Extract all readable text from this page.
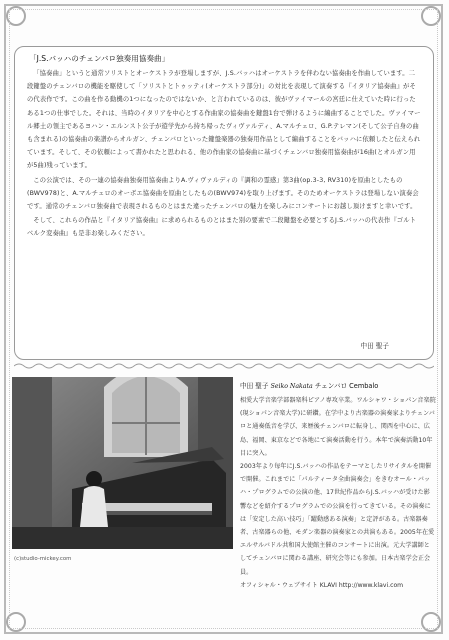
「J.S.バッハのチェンバロ独奏用協奏曲」

「協奏曲」というと通常ソリストとオーケストラが登場しますが、J.S.バッハはオーケストラを伴わない協奏曲を作曲しています。二段鍵盤のチェンバロの機能を駆使して「ソリストとトゥッティ(オーケストラ部分)」の対比を表現して演奏する『イタリア協奏曲』がその代表作です。この曲を作る動機の1つになったのではないか、と言われているのは、彼がヴァイマールの宮廷に仕えていた時に行ったある1つの仕事でした。それは、当時のイタリアを中心とする作曲家の協奏曲を鍵盤1台で弾けるように編曲することでした。ヴァイマール郷土の領主であるヨハン・エルンスト公子が遊学先から持ち帰ったヴィヴァルディ、A.マルチェロ、G.P.テレマン(そして公子自身の曲も含まれる)の協奏曲の楽譜からオルガン、チェンバロといった鍵盤楽器の独奏用作品として編曲することをバッハに依頼したと伝えられています。そして、その依頼によって書かれたと思われる、他の作曲家の協奏曲に基づくチェンバロ独奏用協奏曲が16曲(とオルガン用が5曲)残っています。

この公演では、その一連の協奏曲独奏用協奏曲よりA.ヴィヴァルディの『調和の霊感』第3曲(op.3-3, RV310)を原曲としたもの(BWV978)と、A.マルチェロのオーボエ協奏曲を原曲としたもの(BWV974)を取り上げます。そのためオーケストラは登場しない演奏会です。通常のチェンバロ独奏曲で表現されるものとはまた違ったチェンバロの魅力を楽しみにコンサートにお越し頂けますと幸いです。

そして、これらの作品と『イタリア協奏曲』に求められるものとはまた別の要素で二段鍵盤を必要とするJ.S.バッハの代表作『ゴルトベルク変奏曲』も是非お楽しみください。

中田 聖子
(c)studio-mickey.com
中田 聖子 Seiko Nakata チェンバロ Cembalo

相愛大学音楽学部器楽科ピアノ専攻卒業。ワルシャワ・ショパン音楽院(現ショパン音楽大学)に研鑽。在学中より古楽器の演奏家よりチェンバロと通奏低音を学び、来歴後チェンバロに転身し、関西を中心に、広島、福岡、東京などで各地にて演奏活動を行う。本年で演奏活動10年目に突入。

2003年より毎年にJ.S.バッハの作品をテーマとしたリサイタルを開催で開催。これまでに「パルティータ全曲演奏会」をきむオール・バッハ・プログラムでの公演の他、17世紀作品からJ.S.バッハが受けた影響などを紹介するプログラムでの公演を行ってきている。その演奏には「安定した高い技巧」「躍動感ある演奏」と定評がある。古楽器奏者、古楽器らの他、モダン楽器の演奏家との共演もある。2005年在愛エルサルバドル共和国大使館主催のコンサートに出演。元大学講師としてチェンバロに関わる講座、研究会等にも参加。日本古楽学会正会員。

オフィシャル・ウェブサイト KLAVI http://www.klavi.com
